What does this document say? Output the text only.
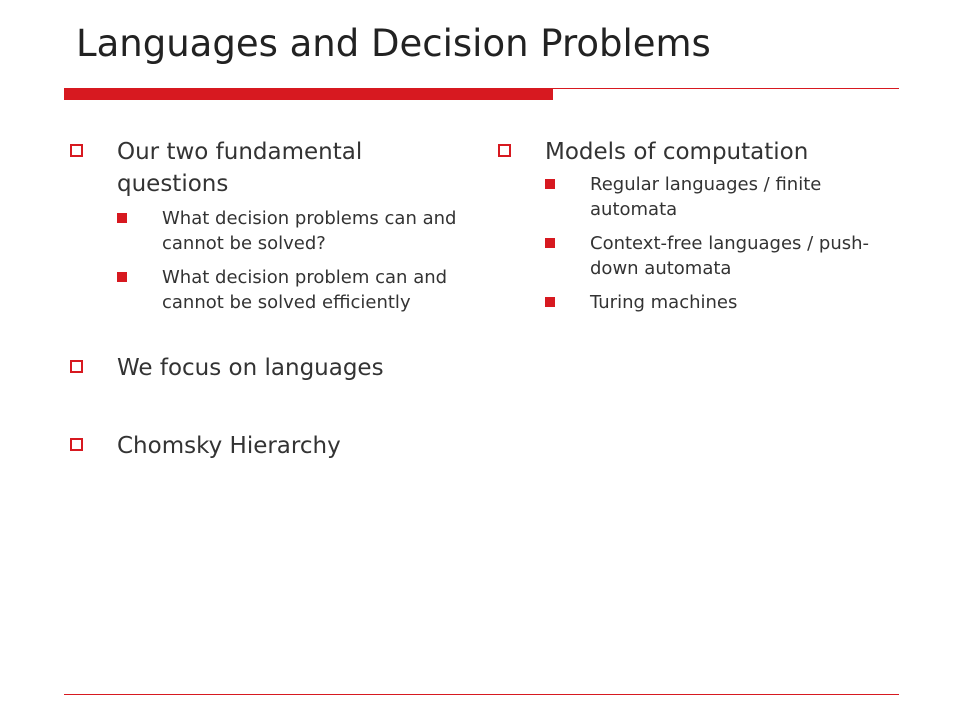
Languages and Decision Problems
Our two fundamental questions
What decision problems can and cannot be solved?
What decision problem can and cannot be solved efficiently
We focus on languages
Chomsky Hierarchy
Models of computation
Regular languages / finite automata
Context-free languages / push-down automata
Turing machines
